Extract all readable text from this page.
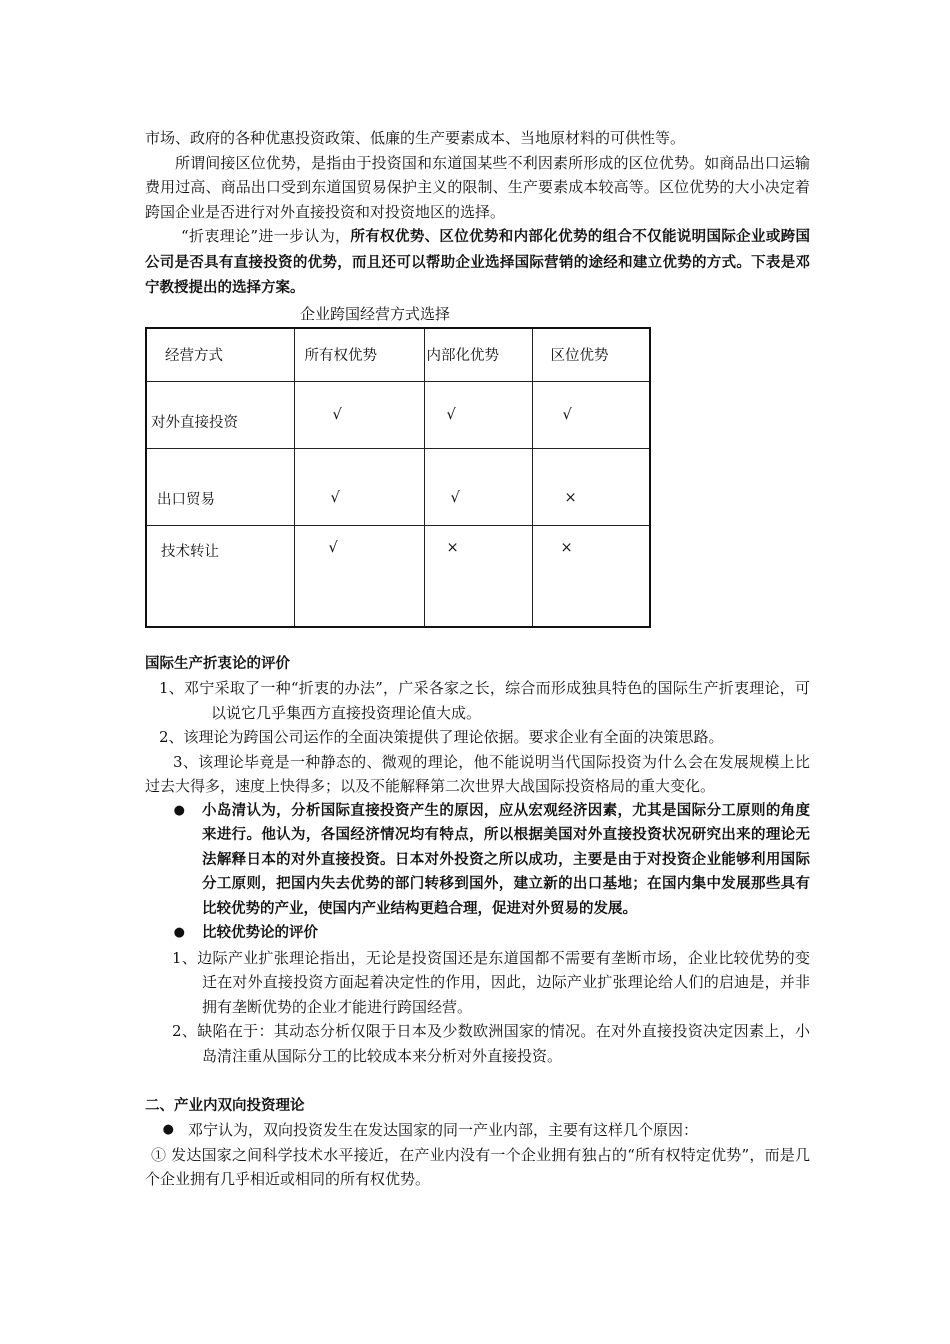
市场、政府的各种优惠投资政策、低廉的生产要素成本、当地原材料的可供性等。

所谓间接区位优势，是指由于投资国和东道国某些不利因素所形成的区位优势。如商品出口运输费用过高、商品出口受到东道国贸易保护主义的限制、生产要素成本较高等。区位优势的大小决定着跨国企业是否进行对外直接投资和对投资地区的选择。

“折衷理论”进一步认为，所有权优势、区位优势和内部化优势的组合不仅能说明国际企业或跨国公司是否具有直接投资的优势，而且还可以帮助企业选择国际营销的途经和建立优势的方式。下表是邓宁教授提出的选择方案。

企业跨国经营方式选择
经营方式	所有权优势	内部化优势	区位优势
对外直接投资	√	√	√
出口贸易	√	√	×
技术转让	√	×	×
国际生产折衷论的评价

1、邓宁采取了一种“折衷的办法”，广采各家之长，综合而形成独具特色的国际生产折衷理论，可以说它几乎集西方直接投资理论值大成。

2、该理论为跨国公司运作的全面决策提供了理论依据。要求企业有全面的决策思路。

3、该理论毕竟是一种静态的、微观的理论，他不能说明当代国际投资为什么会在发展规模上比过去大得多，速度上快得多；以及不能解释第二次世界大战国际投资格局的重大变化。

●	小岛清认为，分析国际直接投资产生的原因，应从宏观经济因素，尤其是国际分工原则的角度来进行。他认为，各国经济情况均有特点，所以根据美国对外直接投资状况研究出来的理论无法解释日本的对外直接投资。日本对外投资之所以成功，主要是由于对投资企业能够利用国际分工原则，把国内失去优势的部门转移到国外，建立新的出口基地；在国内集中发展那些具有比较优势的产业，使国内产业结构更趋合理，促进对外贸易的发展。

●	比较优势论的评价

1、边际产业扩张理论指出，无论是投资国还是东道国都不需要有垄断市场，企业比较优势的变迁在对外直接投资方面起着决定性的作用，因此，边际产业扩张理论给人们的启迪是，并非拥有垄断优势的企业才能进行跨国经营。

2、缺陷在于：其动态分析仅限于日本及少数欧洲国家的情况。在对外直接投资决定因素上，小岛清注重从国际分工的比较成本来分析对外直接投资。

二、产业内双向投资理论
● 邓宁认为，双向投资发生在发达国家的同一产业内部，主要有这样几个原因：

① 发达国家之间科学技术水平接近，在产业内没有一个企业拥有独占的“所有权特定优势”，而是几个企业拥有几乎相近或相同的所有权优势。
